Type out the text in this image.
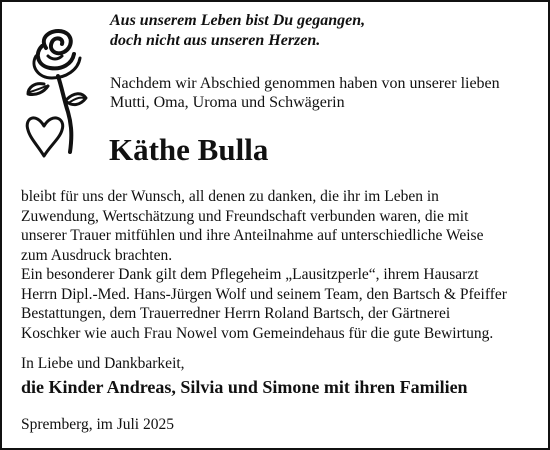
Aus unserem Leben bist Du gegangen,
doch nicht aus unseren Herzen.
Nachdem wir Abschied genommen haben von unserer lieben
Mutti, Oma, Uroma und Schwägerin
Käthe Bulla
bleibt für uns der Wunsch, all denen zu danken, die ihr im Leben in
Zuwendung, Wertschätzung und Freundschaft verbunden waren, die mit
unserer Trauer mitfühlen und ihre Anteilnahme auf unterschiedliche Weise
zum Ausdruck brachten.
Ein besonderer Dank gilt dem Pflegeheim „Lausitzperle“, ihrem Hausarzt
Herrn Dipl.-Med. Hans-Jürgen Wolf und seinem Team, den Bartsch & Pfeiffer
Bestattungen, dem Trauerredner Herrn Roland Bartsch, der Gärtnerei
Koschker wie auch Frau Nowel vom Gemeindehaus für die gute Bewirtung.
In Liebe und Dankbarkeit,
die Kinder Andreas, Silvia und Simone mit ihren Familien
Spremberg, im Juli 2025
